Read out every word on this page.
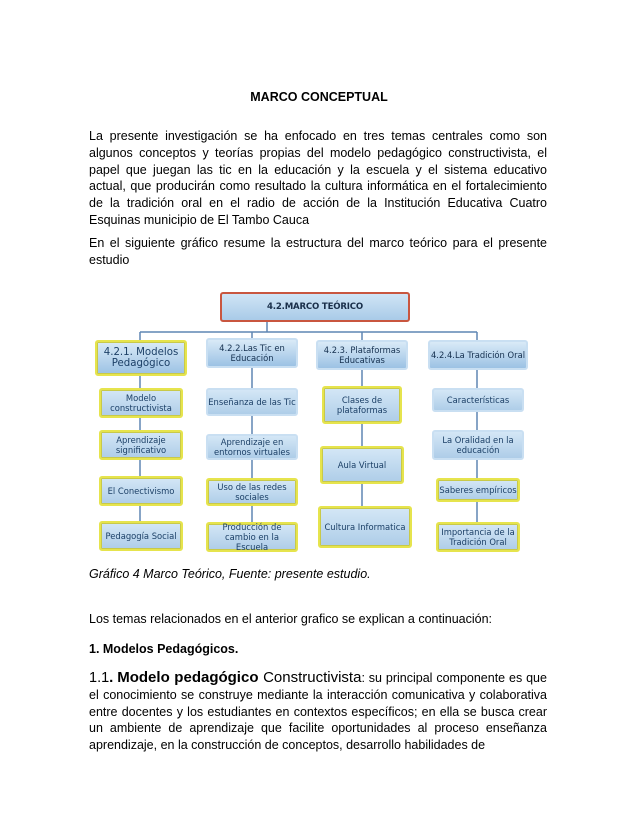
MARCO CONCEPTUAL

La presente investigación se ha enfocado en tres temas centrales como son algunos conceptos y teorías propias del modelo pedagógico constructivista, el papel que juegan las tic en la educación y la escuela y el sistema educativo actual, que producirán como resultado la cultura informática en el fortalecimiento de la tradición oral en el radio de acción de la Institución Educativa Cuatro Esquinas municipio de El Tambo Cauca

En el siguiente gráfico resume la estructura del marco teórico para el presente estudio

4.2.MARCO TEÓRICO
4.2.1. Modelos Pedagógico
Modelo constructivista
Aprendizaje significativo
El Conectivismo
Pedagogía Social
4.2.2.Las Tic en Educación
Enseñanza de las Tic
Aprendizaje en entornos virtuales
Uso de las redes sociales
Producción de cambio en la Escuela
4.2.3. Plataformas Educativas
Clases de plataformas
Aula Virtual
Cultura Informatica
4.2.4.La Tradición Oral
Características
La Oralidad en la educación
Saberes empíricos
Importancia de la Tradición Oral
Gráfico 4 Marco Teórico, Fuente: presente estudio.
Los temas relacionados en el anterior grafico se explican a continuación:
1. Modelos Pedagógicos.

1.1. Modelo pedagógico Constructivista: su principal componente es que el conocimiento se construye mediante la interacción comunicativa y colaborativa entre docentes y los estudiantes en contextos específicos; en ella se busca crear un ambiente de aprendizaje que facilite oportunidades al proceso enseñanza aprendizaje, en la construcción de conceptos, desarrollo habilidades de
